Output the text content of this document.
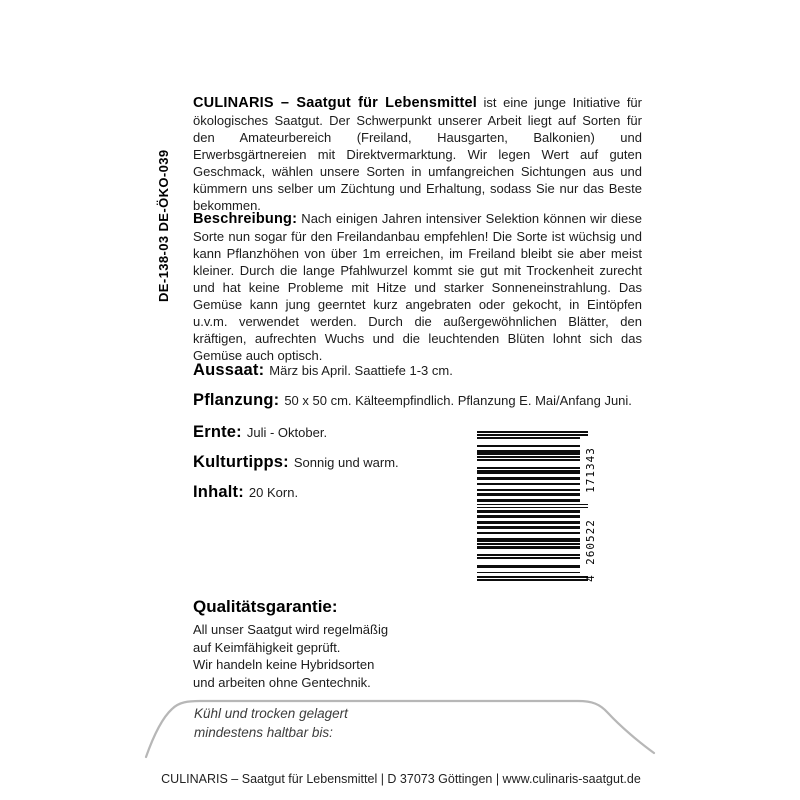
DE-138-03 DE-ÖKO-039
CULINARIS – Saatgut für Lebensmittel ist eine junge Initiative für ökologisches Saatgut. Der Schwerpunkt unserer Arbeit liegt auf Sorten für den Amateurbereich (Freiland, Hausgarten, Balkonien) und Erwerbsgärtnereien mit Direktvermarktung. Wir legen Wert auf guten Geschmack, wählen unsere Sorten in umfangreichen Sichtungen aus und kümmern uns selber um Züchtung und Erhaltung, sodass Sie nur das Beste bekommen.
Beschreibung: Nach einigen Jahren intensiver Selektion können wir diese Sorte nun sogar für den Freilandanbau empfehlen! Die Sorte ist wüchsig und kann Pflanzhöhen von über 1m erreichen, im Freiland bleibt sie aber meist kleiner. Durch die lange Pfahlwurzel kommt sie gut mit Trockenheit zurecht und hat keine Probleme mit Hitze und starker Sonneneinstrahlung. Das Gemüse kann jung geerntet kurz angebraten oder gekocht, in Eintöpfen u.v.m. verwendet werden. Durch die außergewöhnlichen Blätter, den kräftigen, aufrechten Wuchs und die leuchtenden Blüten lohnt sich das Gemüse auch optisch.
Aussaat: März bis April. Saattiefe 1-3 cm.
Pflanzung: 50 x 50 cm. Kälteempfindlich. Pflanzung E. Mai/Anfang Juni.
Ernte: Juli - Oktober.
Kulturtipps: Sonnig und warm.
Inhalt: 20 Korn.
4
260522
171343
Qualitätsgarantie:
All unser Saatgut wird regelmäßig
auf Keimfähigkeit geprüft.
Wir handeln keine Hybridsorten
und arbeiten ohne Gentechnik.
Kühl und trocken gelagert
mindestens haltbar bis:
CULINARIS – Saatgut für Lebensmittel | D 37073 Göttingen | www.culinaris-saatgut.de
